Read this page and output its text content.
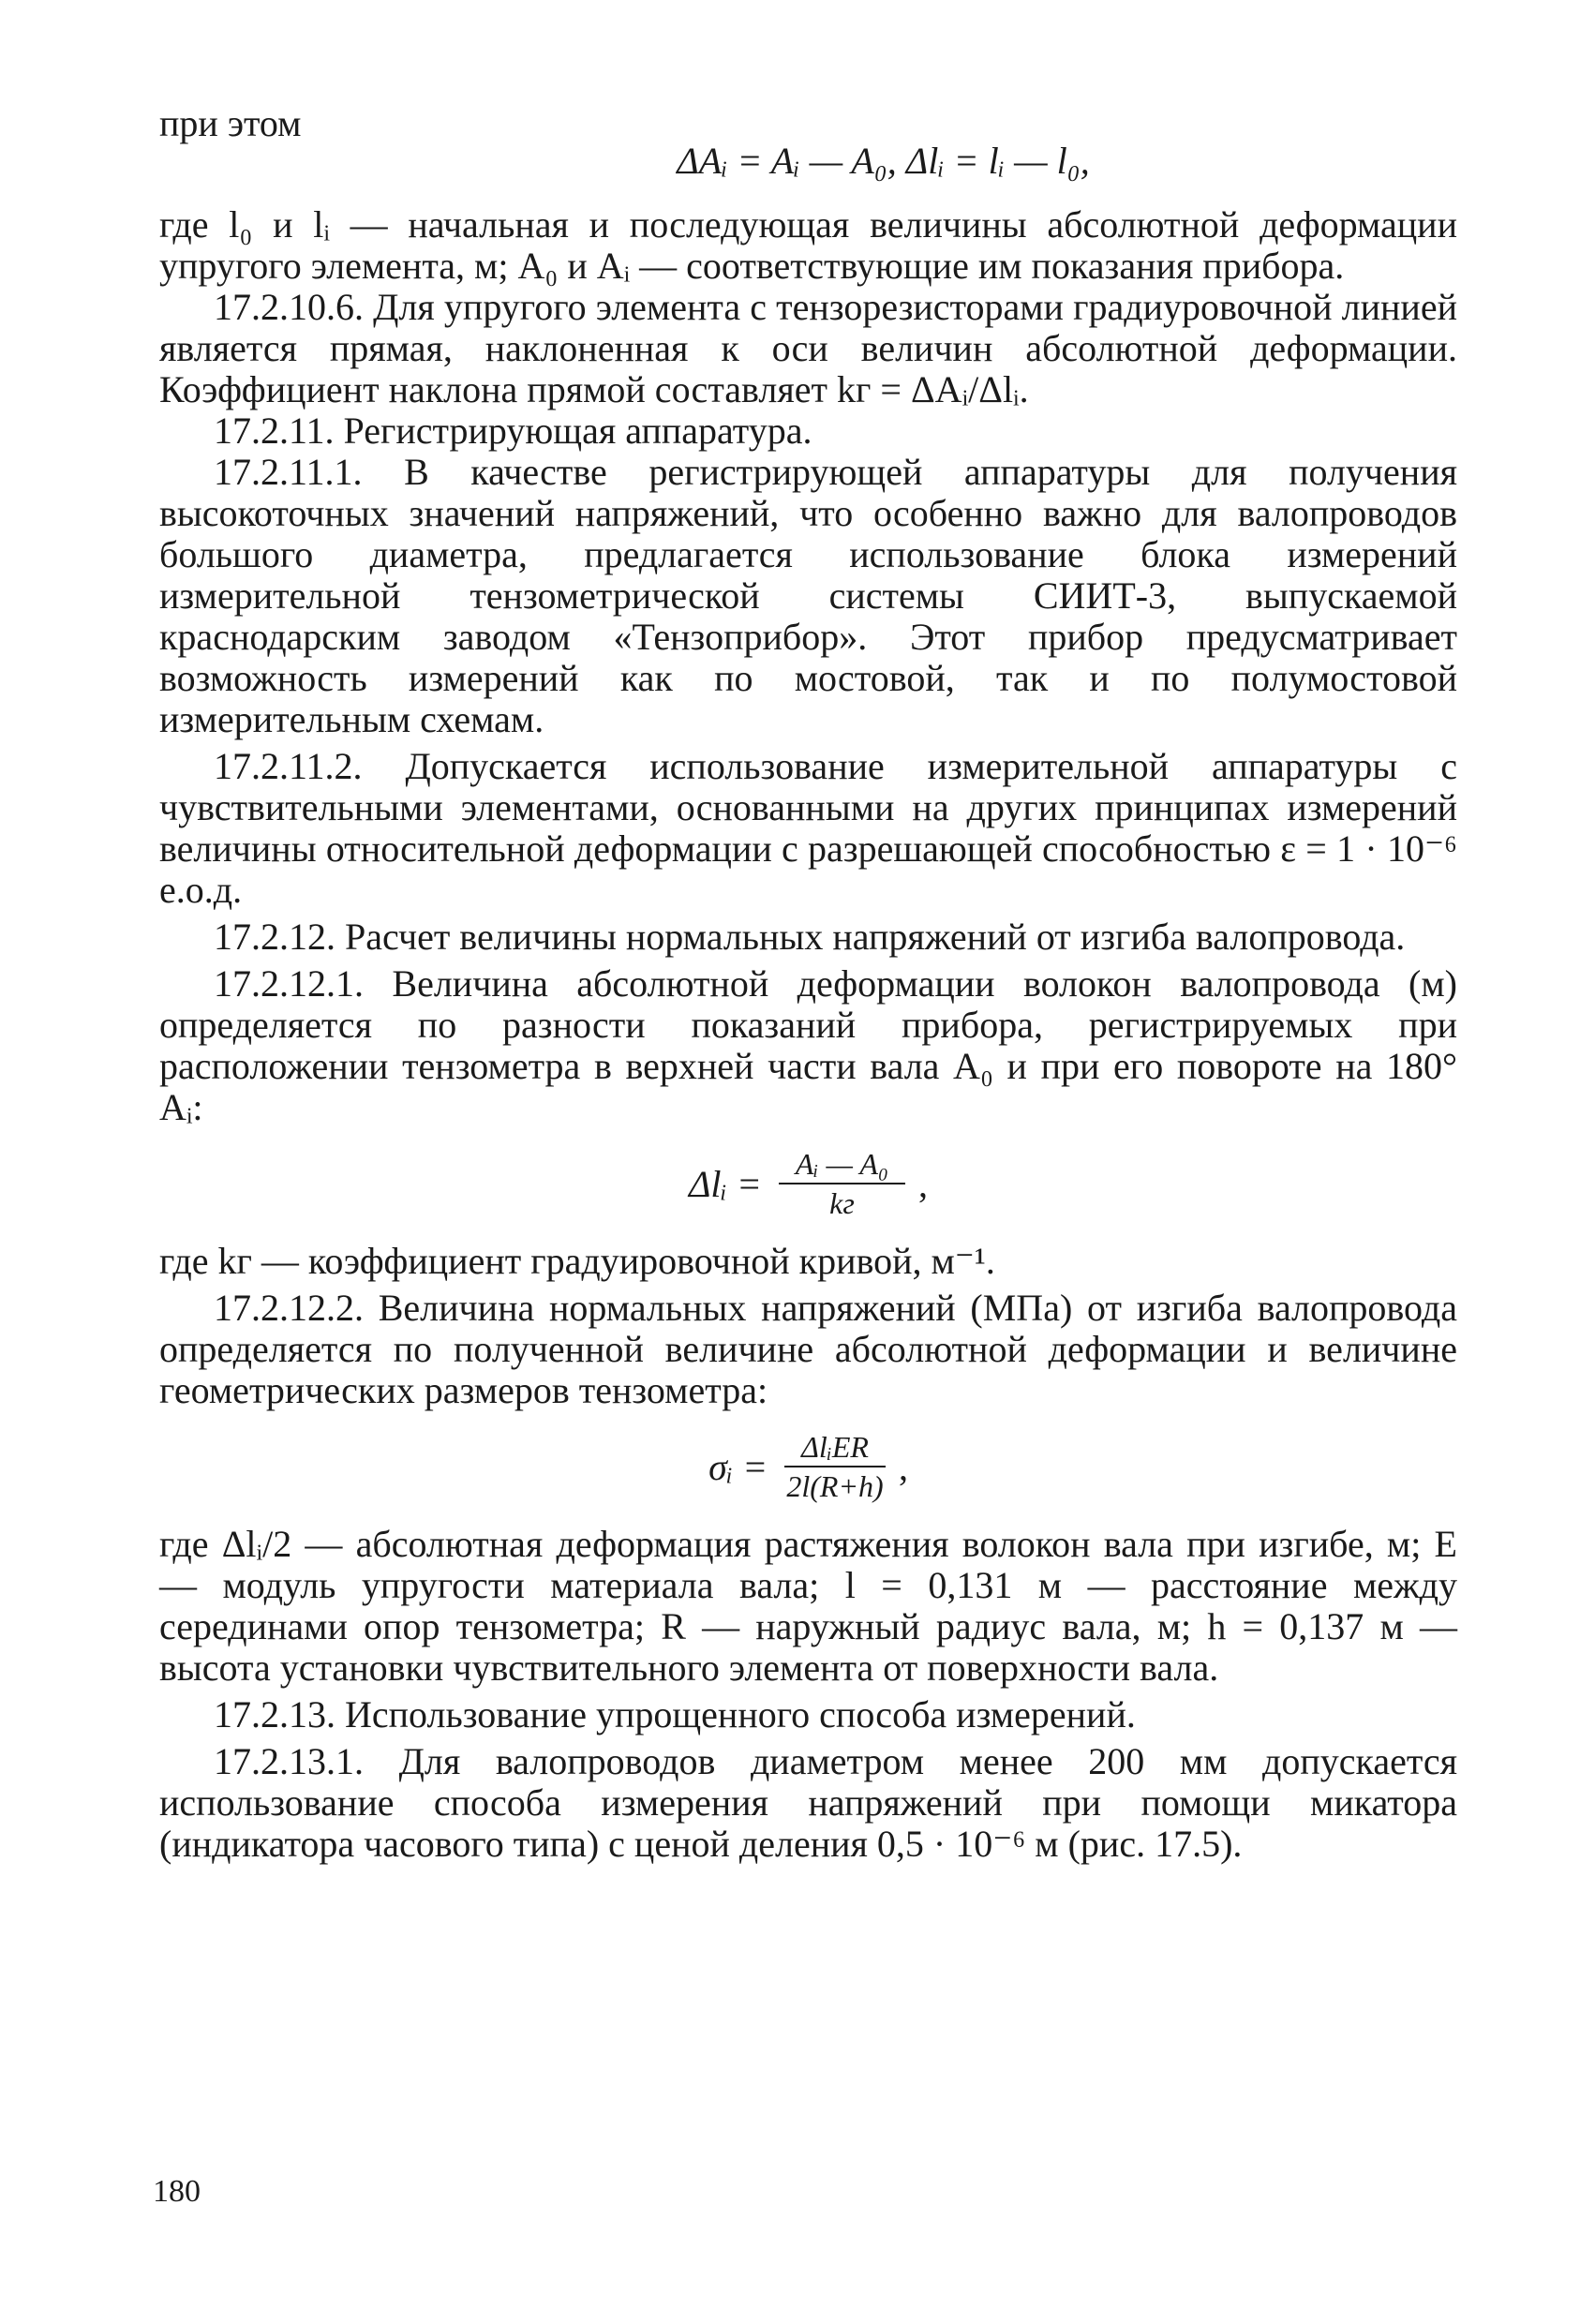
при этом

ΔAᵢ = Aᵢ — A₀, Δlᵢ = lᵢ — l₀,

где l₀ и lᵢ — начальная и последующая величины абсолютной деформации упругого элемента, м; A₀ и Aᵢ — соответствующие им показания прибора.

17.2.10.6. Для упругого элемента с тензорезисторами градиуровочной линией является прямая, наклоненная к оси величин абсолютной деформации. Коэффициент наклона прямой составляет kг = ΔAᵢ/Δlᵢ.

17.2.11. Регистрирующая аппаратура.

17.2.11.1. В качестве регистрирующей аппаратуры для получения высокоточных значений напряжений, что особенно важно для валопроводов большого диаметра, предлагается использование блока измерений измерительной тензометрической системы СИИТ-3, выпускаемой краснодарским заводом «Тензоприбор». Этот прибор предусматривает возможность измерений как по мостовой, так и по полумостовой измерительным схемам.

17.2.11.2. Допускается использование измерительной аппаратуры с чувствительными элементами, основанными на других принципах измерений величины относительной деформации с разрешающей способностью ε = 1 · 10⁻⁶ е.о.д.

17.2.12. Расчет величины нормальных напряжений от изгиба валопровода.

17.2.12.1. Величина абсолютной деформации волокон валопровода (м) определяется по разности показаний прибора, регистрируемых при расположении тензометра в верхней части вала A₀ и при его повороте на 180° Aᵢ:

Δlᵢ = $\frac{\text{Aᵢ — A₀}}{kг}$ ,

где kг — коэффициент градуировочной кривой, м⁻¹.

17.2.12.2. Величина нормальных напряжений (МПа) от изгиба валопровода определяется по полученной величине абсолютной деформации и величине геометрических размеров тензометра:

σᵢ = $\frac{\text{ΔlᵢER}}{2l(R+h)}$ ,

где Δlᵢ/2 — абсолютная деформация растяжения волокон вала при изгибе, м; E — модуль упругости материала вала; l = 0,131 м — расстояние между серединами опор тензометра; R — наружный радиус вала, м; h = 0,137 м — высота установки чувствительного элемента от поверхности вала.

17.2.13. Использование упрощенного способа измерений.

17.2.13.1. Для валопроводов диаметром менее 200 мм допускается использование способа измерения напряжений при помощи микатора (индикатора часового типа) с ценой деления 0,5 · 10⁻⁶ м (рис. 17.5).

180
